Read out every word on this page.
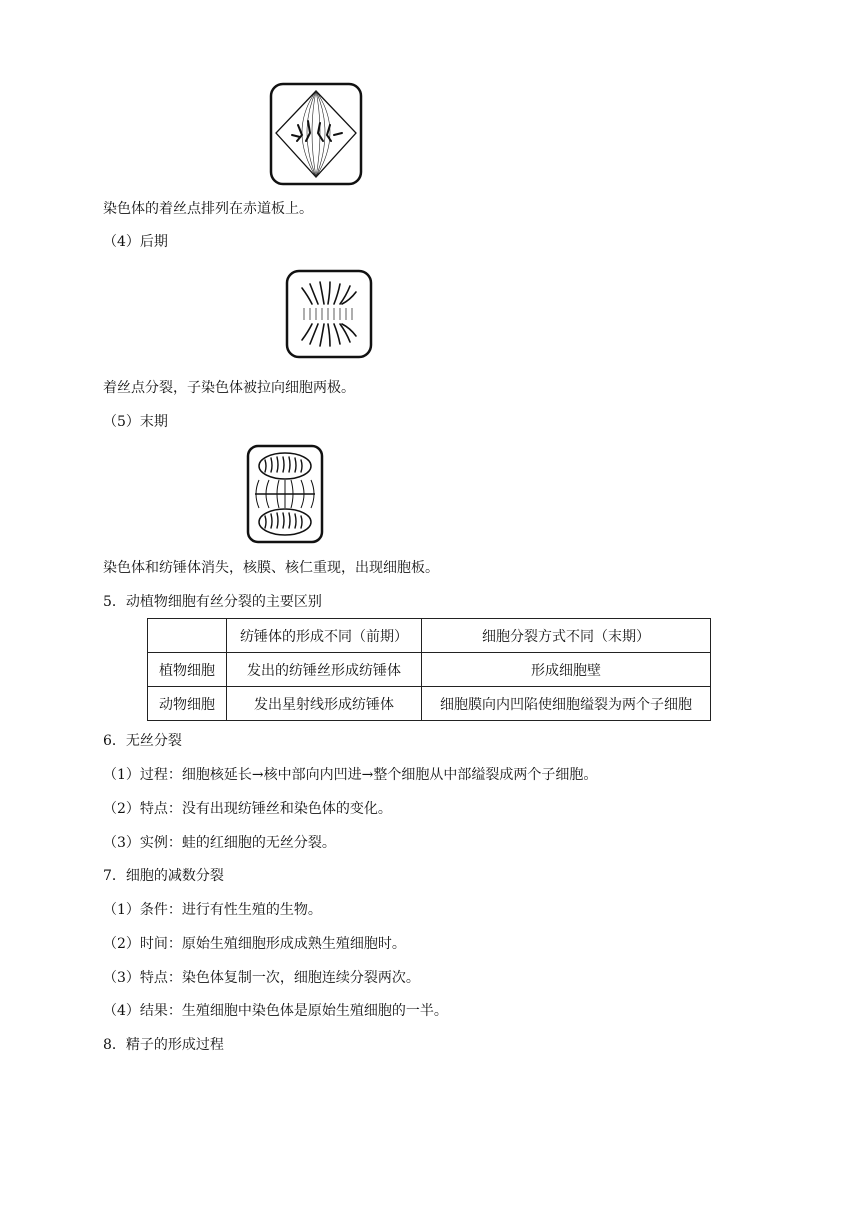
染色体的着丝点排列在赤道板上。
（4）后期
着丝点分裂，子染色体被拉向细胞两极。
（5）末期
染色体和纺锤体消失，核膜、核仁重现，出现细胞板。
5．动植物细胞有丝分裂的主要区别
	纺锤体的形成不同（前期）	细胞分裂方式不同（末期）
植物细胞	发出的纺锤丝形成纺锤体	形成细胞壁
动物细胞	发出星射线形成纺锤体	细胞膜向内凹陷使细胞缢裂为两个子细胞
6．无丝分裂
（1）过程：细胞核延长→核中部向内凹进→整个细胞从中部缢裂成两个子细胞。
（2）特点：没有出现纺锤丝和染色体的变化。
（3）实例：蛙的红细胞的无丝分裂。
7．细胞的减数分裂
（1）条件：进行有性生殖的生物。
（2）时间：原始生殖细胞形成成熟生殖细胞时。
（3）特点：染色体复制一次，细胞连续分裂两次。
（4）结果：生殖细胞中染色体是原始生殖细胞的一半。
8．精子的形成过程
